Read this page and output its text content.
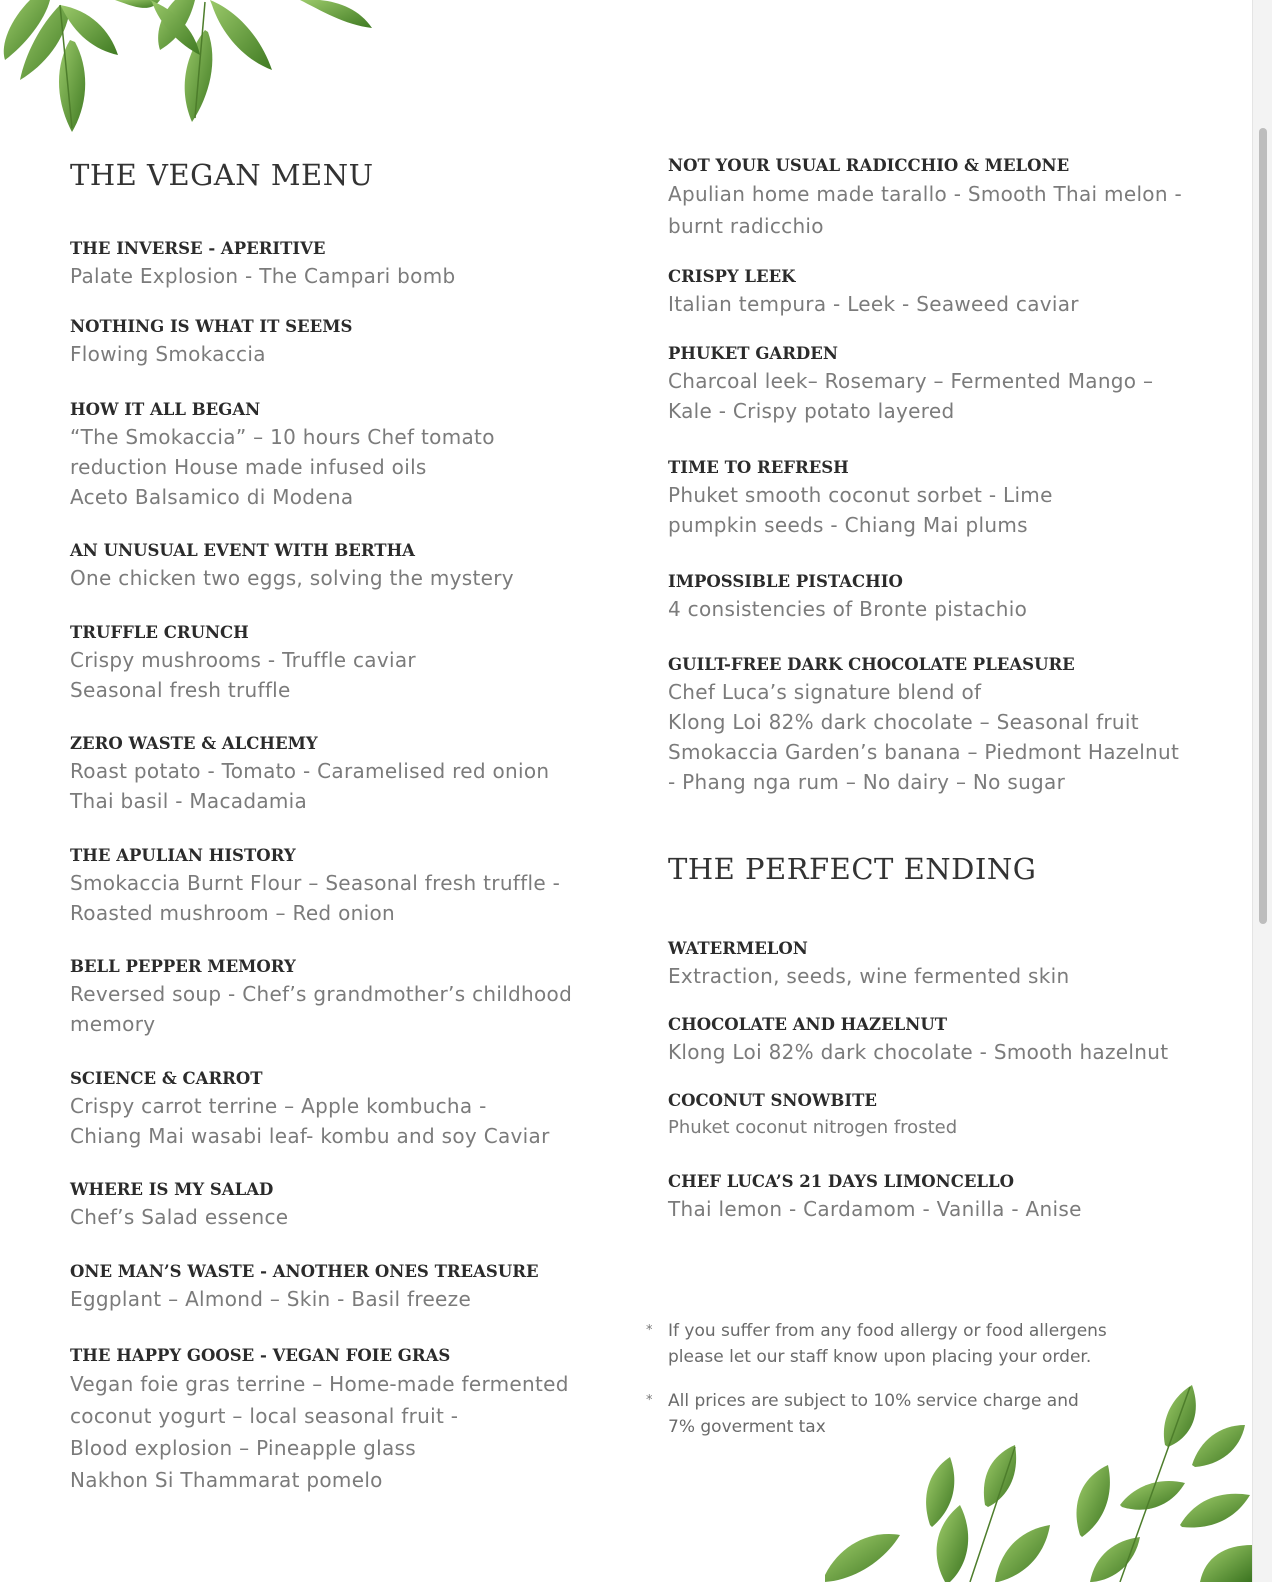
THE VEGAN MENU
THE INVERSE - APERITIVE
Palate Explosion - The Campari bomb
NOTHING IS WHAT IT SEEMS
Flowing Smokaccia
HOW IT ALL BEGAN
“The Smokaccia” – 10 hours Chef tomato
reduction House made infused oils
Aceto Balsamico di Modena
AN UNUSUAL EVENT WITH BERTHA
One chicken two eggs, solving the mystery
TRUFFLE CRUNCH
Crispy mushrooms - Truffle caviar
Seasonal fresh truffle
ZERO WASTE & ALCHEMY
Roast potato - Tomato - Caramelised red onion
Thai basil - Macadamia
THE APULIAN HISTORY
Smokaccia Burnt Flour – Seasonal fresh truffle -
Roasted mushroom – Red onion
BELL PEPPER MEMORY
Reversed soup - Chef’s grandmother’s childhood
memory
SCIENCE & CARROT
Crispy carrot terrine – Apple kombucha -
Chiang Mai wasabi leaf- kombu and soy Caviar
WHERE IS MY SALAD
Chef’s Salad essence
ONE MAN’S WASTE - ANOTHER ONES TREASURE
Eggplant – Almond – Skin - Basil freeze
THE HAPPY GOOSE - VEGAN FOIE GRAS
Vegan foie gras terrine – Home-made fermented
coconut yogurt – local seasonal fruit -
Blood explosion – Pineapple glass
Nakhon Si Thammarat pomelo
NOT YOUR USUAL RADICCHIO & MELONE
Apulian home made tarallo - Smooth Thai melon -
burnt radicchio
CRISPY LEEK
Italian tempura - Leek - Seaweed caviar
PHUKET GARDEN
Charcoal leek– Rosemary – Fermented Mango –
Kale - Crispy potato layered
TIME TO REFRESH
Phuket smooth coconut sorbet - Lime
pumpkin seeds - Chiang Mai plums
IMPOSSIBLE PISTACHIO
4 consistencies of Bronte pistachio
GUILT-FREE DARK CHOCOLATE PLEASURE
Chef Luca’s signature blend of
Klong Loi 82% dark chocolate – Seasonal fruit
Smokaccia Garden’s banana – Piedmont Hazelnut
- Phang nga rum – No dairy – No sugar
THE PERFECT ENDING
WATERMELON
Extraction, seeds, wine fermented skin
CHOCOLATE AND HAZELNUT
Klong Loi 82% dark chocolate - Smooth hazelnut
COCONUT SNOWBITE
Phuket coconut nitrogen frosted
CHEF LUCA’S 21 DAYS LIMONCELLO
Thai lemon - Cardamom - Vanilla - Anise
* If you suffer from any food allergy or food allergens
please let our staff know upon placing your order.
* All prices are subject to 10% service charge and
7% goverment tax
